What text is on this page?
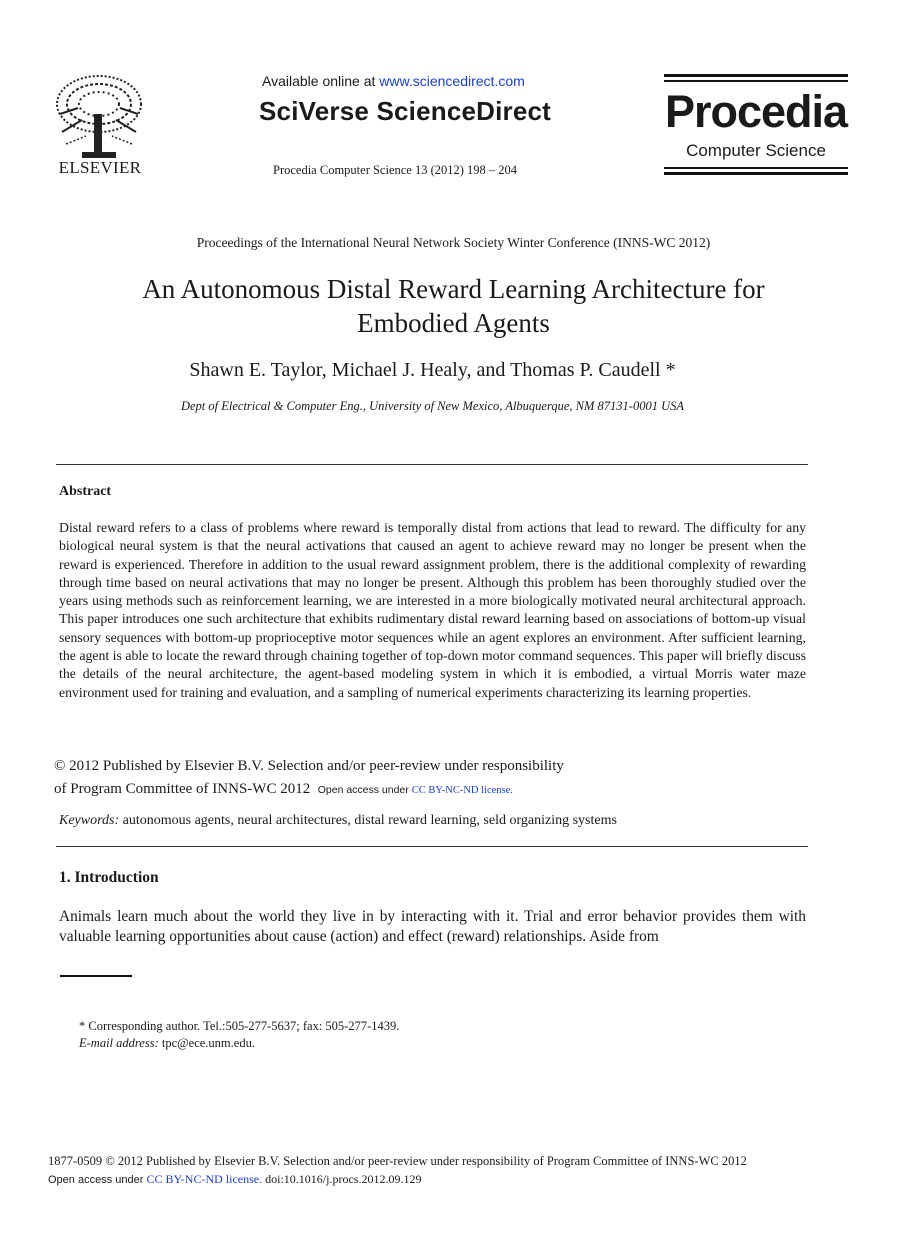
ELSEVIER
Available online at www.sciencedirect.com
SciVerse ScienceDirect
Procedia Computer Science 13 (2012) 198 – 204
Procedia
Computer Science
Proceedings of the International Neural Network Society Winter Conference (INNS-WC 2012)
An Autonomous Distal Reward Learning Architecture for
Embodied Agents
Shawn E. Taylor, Michael J. Healy, and Thomas P. Caudell *
Dept of Electrical & Computer Eng., University of New Mexico, Albuquerque, NM 87131-0001 USA
Abstract
Distal reward refers to a class of problems where reward is temporally distal from actions that lead to reward. The difficulty for any biological neural system is that the neural activations that caused an agent to achieve reward may no longer be present when the reward is experienced. Therefore in addition to the usual reward assignment problem, there is the additional complexity of rewarding through time based on neural activations that may no longer be present. Although this problem has been thoroughly studied over the years using methods such as reinforcement learning, we are interested in a more biologically motivated neural architectural approach. This paper introduces one such architecture that exhibits rudimentary distal reward learning based on associations of bottom-up visual sensory sequences with bottom-up proprioceptive motor sequences while an agent explores an environment. After sufficient learning, the agent is able to locate the reward through chaining together of top-down motor command sequences. This paper will briefly discuss the details of the neural architecture, the agent-based modeling system in which it is embodied, a virtual Morris water maze environment used for training and evaluation, and a sampling of numerical experiments characterizing its learning properties.
© 2012 Published by Elsevier B.V. Selection and/or peer-review under responsibility
of Program Committee of INNS-WC 2012 Open access under CC BY-NC-ND license.
Keywords: autonomous agents, neural architectures, distal reward learning, seld organizing systems
1. Introduction
Animals learn much about the world they live in by interacting with it. Trial and error behavior provides them with valuable learning opportunities about cause (action) and effect (reward) relationships. Aside from
* Corresponding author. Tel.:505-277-5637; fax: 505-277-1439.
E-mail address: tpc@ece.unm.edu.
1877-0509 © 2012 Published by Elsevier B.V. Selection and/or peer-review under responsibility of Program Committee of INNS-WC 2012
Open access under CC BY-NC-ND license. doi:10.1016/j.procs.2012.09.129
